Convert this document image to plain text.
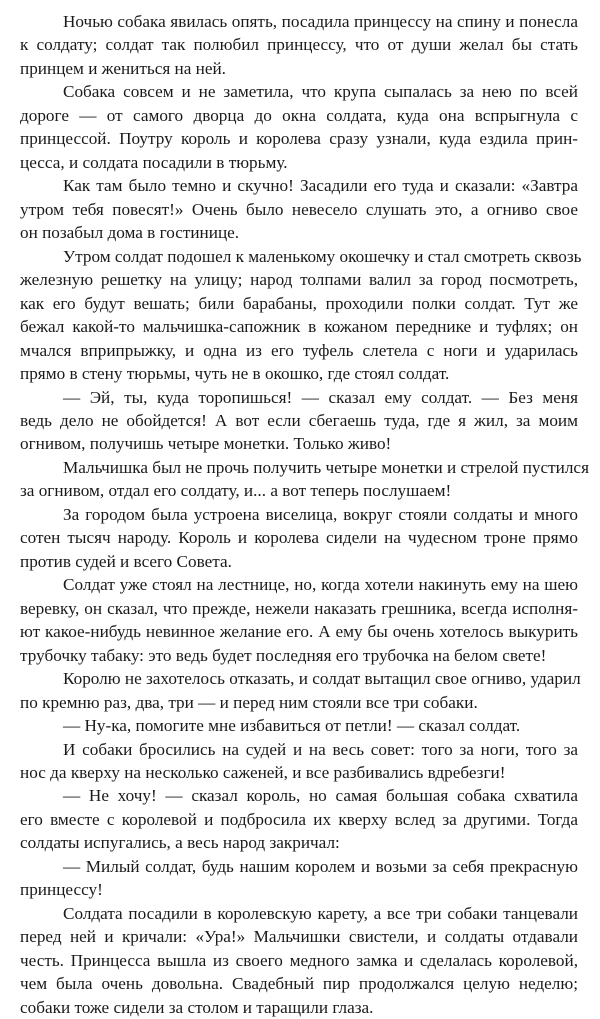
Ночью собака явилась опять, посадила принцессу на спину и понесла
к солдату; солдат так полюбил принцессу, что от души желал бы стать
принцем и жениться на ней.
Собака совсем и не заметила, что крупа сыпалась за нею по всей
дороге — от самого дворца до окна солдата, куда она вспрыгнула с
принцессой. Поутру король и королева сразу узнали, куда ездила прин-
цесса, и солдата посадили в тюрьму.
Как там было темно и скучно! Засадили его туда и сказали: «Завтра
утром тебя повесят!» Очень было невесело слушать это, а огниво свое
он позабыл дома в гостинице.
Утром солдат подошел к маленькому окошечку и стал смотреть сквозь
железную решетку на улицу; народ толпами валил за город посмотреть,
как его будут вешать; били барабаны, проходили полки солдат. Тут же
бежал какой-то мальчишка-сапожник в кожаном переднике и туфлях; он
мчался вприпрыжку, и одна из его туфель слетела с ноги и ударилась
прямо в стену тюрьмы, чуть не в окошко, где стоял солдат.
— Эй, ты, куда торопишься! — сказал ему солдат. — Без меня
ведь дело не обойдется! А вот если сбегаешь туда, где я жил, за моим
огнивом, получишь четыре монетки. Только живо!
Мальчишка был не прочь получить четыре монетки и стрелой пустился
за огнивом, отдал его солдату, и... а вот теперь послушаем!
За городом была устроена виселица, вокруг стояли солдаты и много
сотен тысяч народу. Король и королева сидели на чудесном троне прямо
против судей и всего Совета.
Солдат уже стоял на лестнице, но, когда хотели накинуть ему на шею
веревку, он сказал, что прежде, нежели наказать грешника, всегда исполня-
ют какое-нибудь невинное желание его. А ему бы очень хотелось выкурить
трубочку табаку: это ведь будет последняя его трубочка на белом свете!
Королю не захотелось отказать, и солдат вытащил свое огниво, ударил
по кремню раз, два, три — и перед ним стояли все три собаки.
— Ну-ка, помогите мне избавиться от петли! — сказал солдат.
И собаки бросились на судей и на весь совет: того за ноги, того за
нос да кверху на несколько саженей, и все разбивались вдребезги!
— Не хочу! — сказал король, но самая большая собака схватила
его вместе с королевой и подбросила их кверху вслед за другими. Тогда
солдаты испугались, а весь народ закричал:
— Милый солдат, будь нашим королем и возьми за себя прекрасную
принцессу!
Солдата посадили в королевскую карету, а все три собаки танцевали
перед ней и кричали: «Ура!» Мальчишки свистели, и солдаты отдавали
честь. Принцесса вышла из своего медного замка и сделалась королевой,
чем была очень довольна. Свадебный пир продолжался целую неделю;
собаки тоже сидели за столом и таращили глаза.
